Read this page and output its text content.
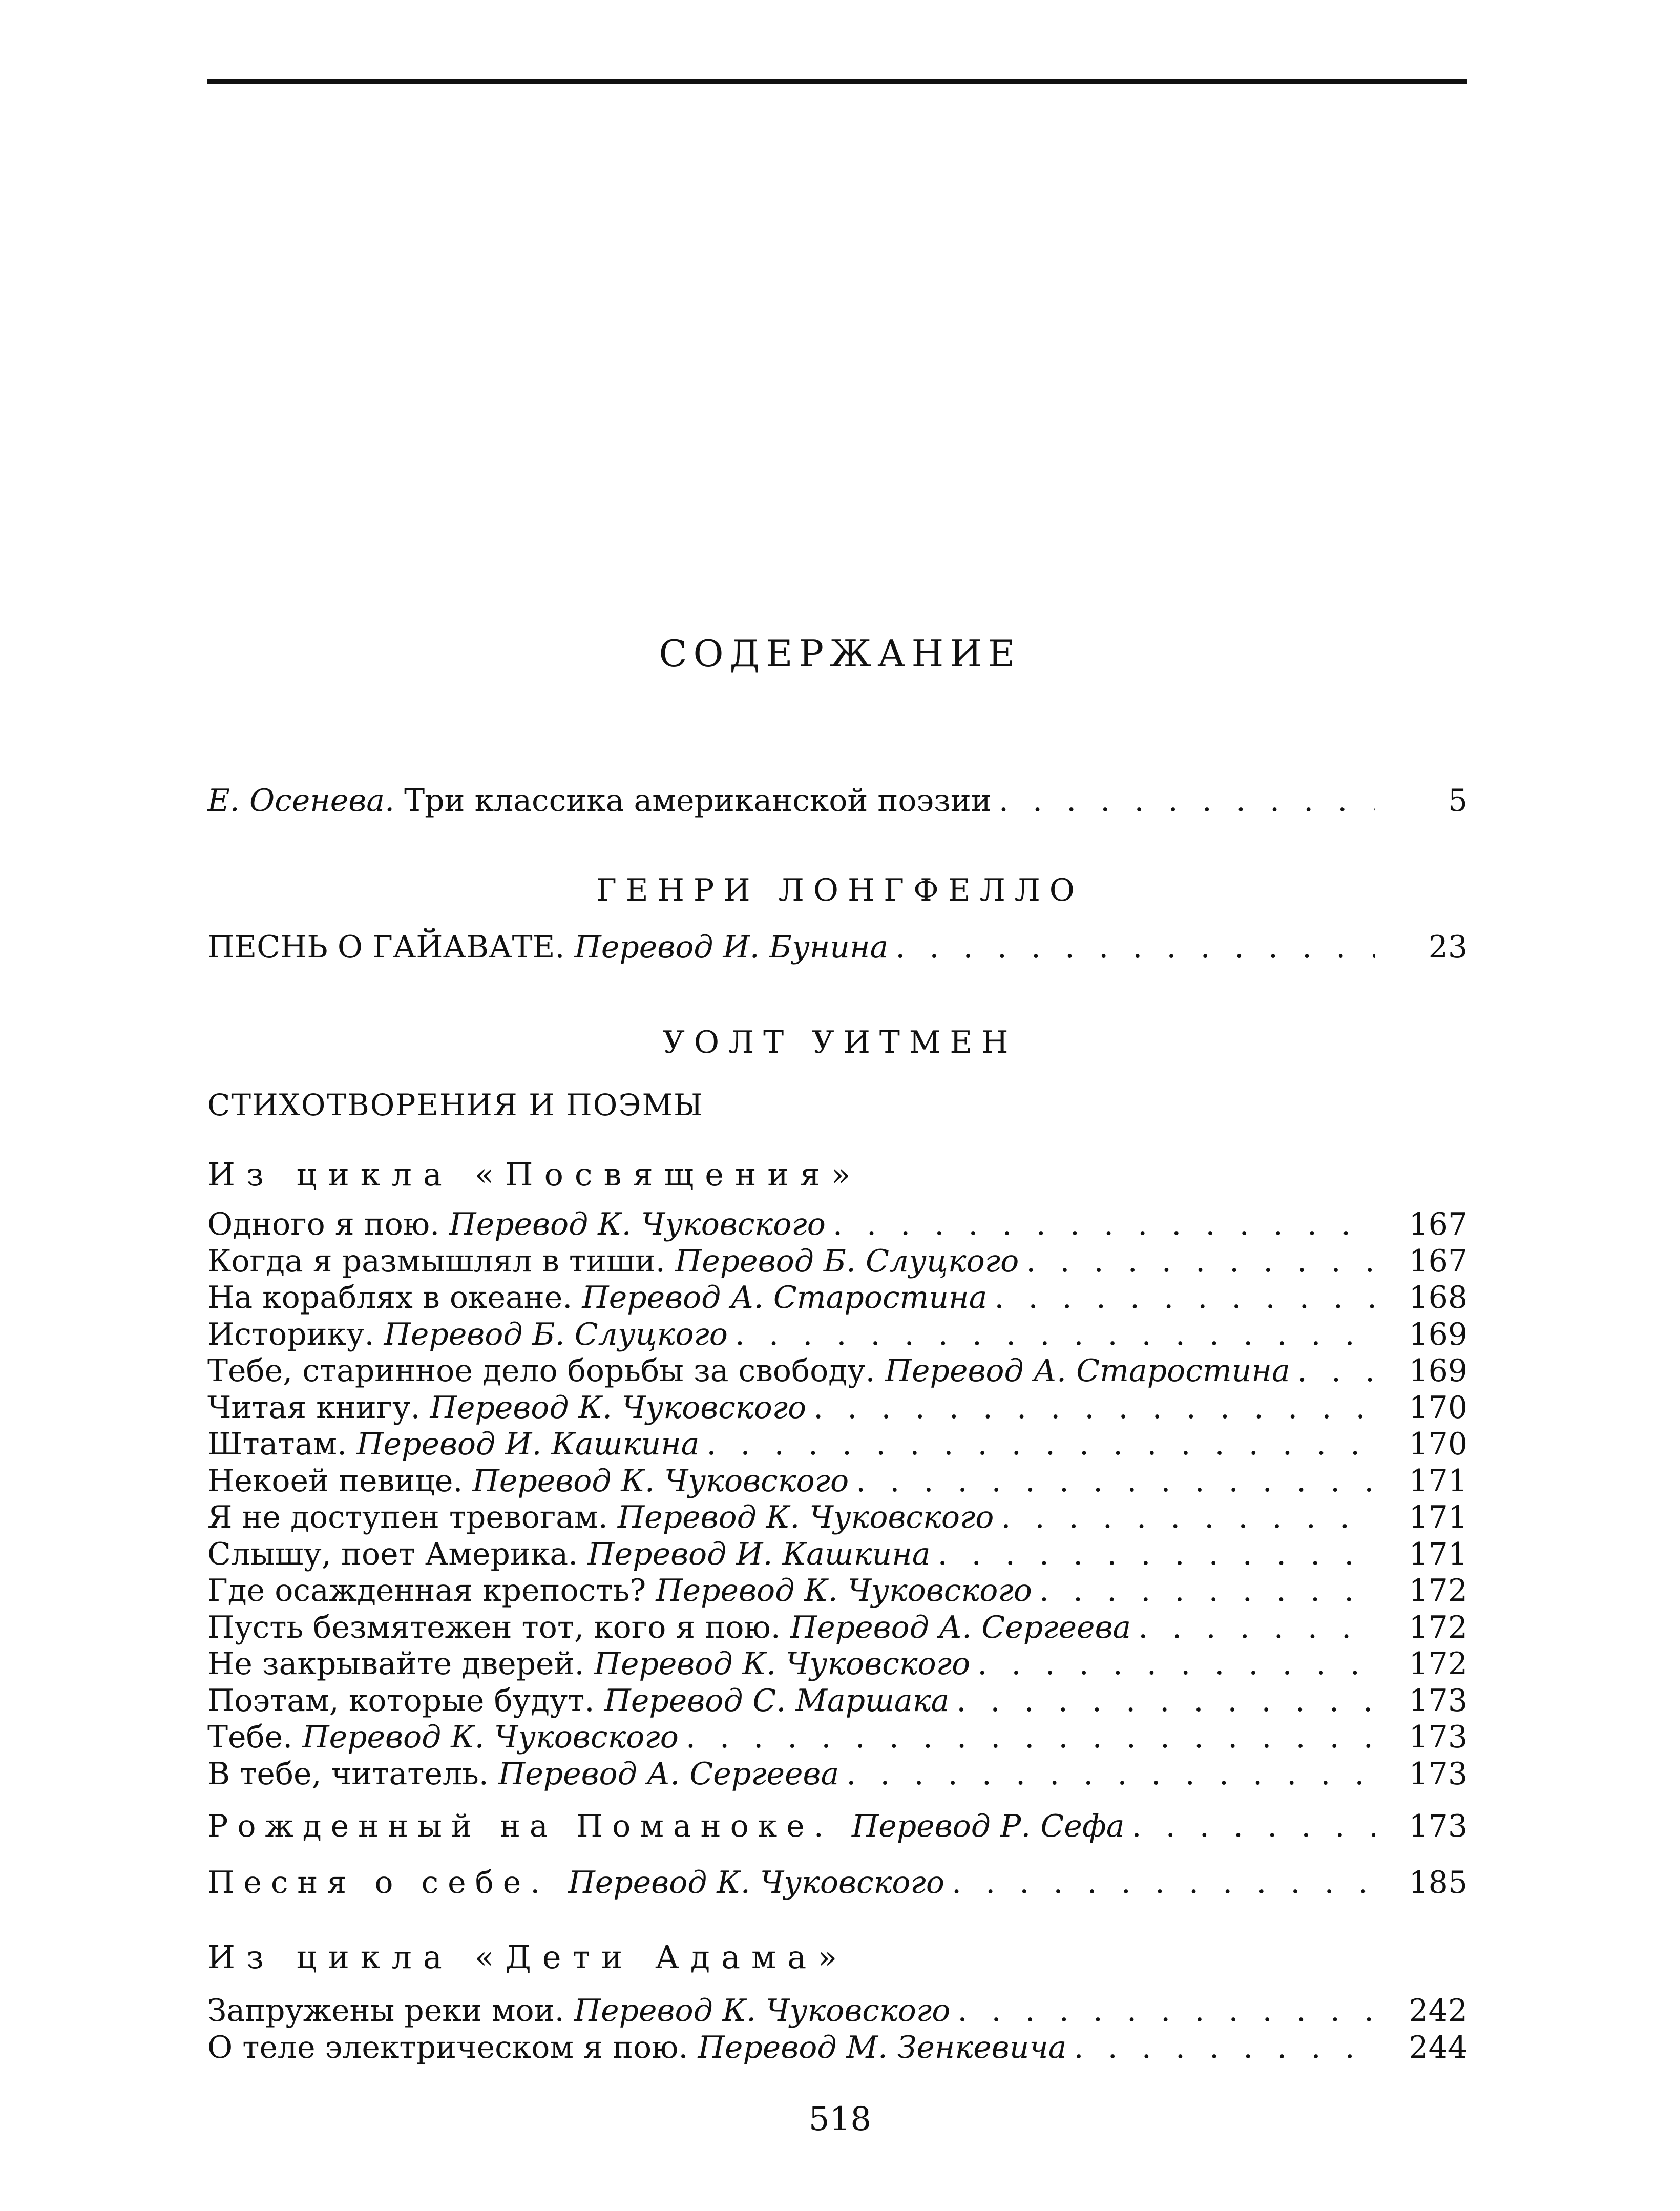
СОДЕРЖАНИЕ
Е. Осенева. Три классика американской поэзии . . .	5
ГЕНРИ ЛОНГФЕЛЛО
ПЕСНЬ О ГАЙАВАТЕ. Перевод И. Бунина . . .	23
УОЛТ УИТМЕН
СТИХОТВОРЕНИЯ И ПОЭМЫ
Из цикла «Посвящения»
Одного я пою. Перевод К. Чуковского . . .	167
Когда я размышлял в тиши. Перевод Б. Слуцкого . . .	167
На кораблях в океане. Перевод А. Старостина . . .	168
Историку. Перевод Б. Слуцкого . . .	169
Тебе, старинное дело борьбы за свободу. Перевод А. Старостина . . .	169
Читая книгу. Перевод К. Чуковского . . .	170
Штатам. Перевод И. Кашкина . . .	170
Некоей певице. Перевод К. Чуковского . . .	171
Я не доступен тревогам. Перевод К. Чуковского . . .	171
Слышу, поет Америка. Перевод И. Кашкина . . .	171
Где осажденная крепость? Перевод К. Чуковского . . .	172
Пусть безмятежен тот, кого я пою. Перевод А. Сергеева . . .	172
Не закрывайте дверей. Перевод К. Чуковского . . .	172
Поэтам, которые будут. Перевод С. Маршака . . .	173
Тебе. Перевод К. Чуковского . . .	173
В тебе, читатель. Перевод А. Сергеева . . .	173
Рожденный на Поманоке. Перевод Р. Сефа . . .	173
Песня о себе. Перевод К. Чуковского . . .	185
Из цикла «Дети Адама»
Запружены реки мои. Перевод К. Чуковского . . .	242
О теле электрическом я пою. Перевод М. Зенкевича . . .	244
518
